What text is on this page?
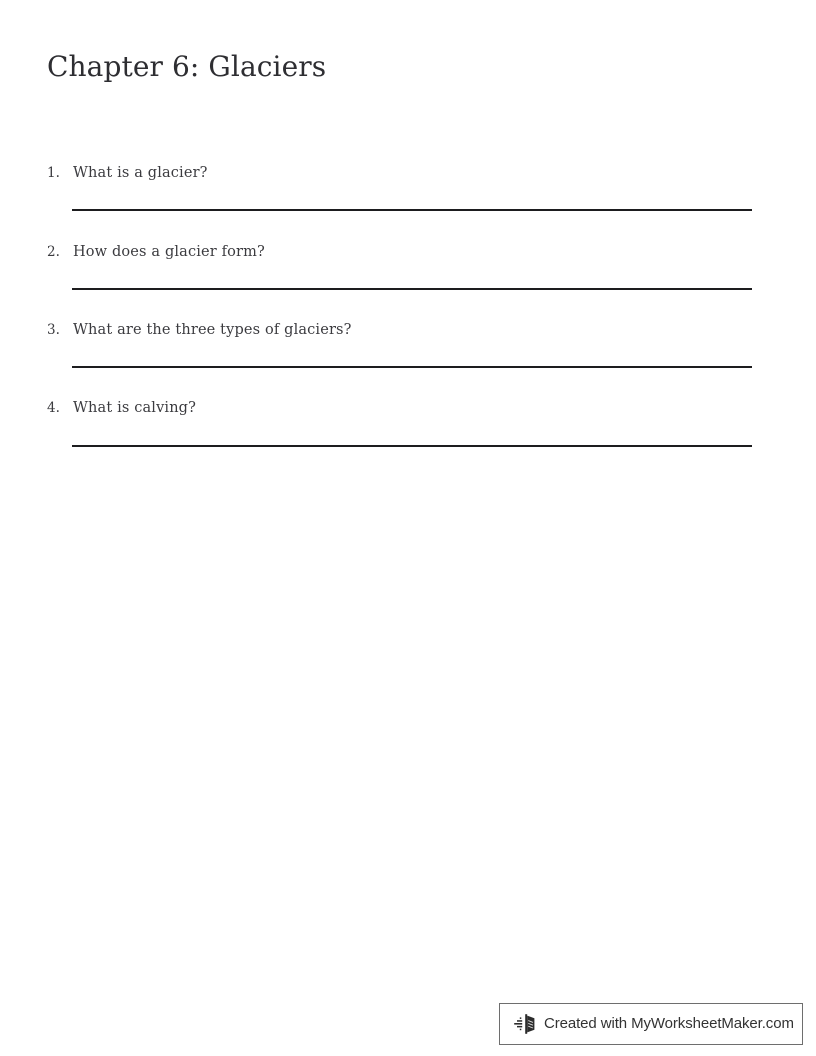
Chapter 6: Glaciers
1. What is a glacier?
2. How does a glacier form?
3. What are the three types of glaciers?
4. What is calving?
Created with MyWorksheetMaker.com
